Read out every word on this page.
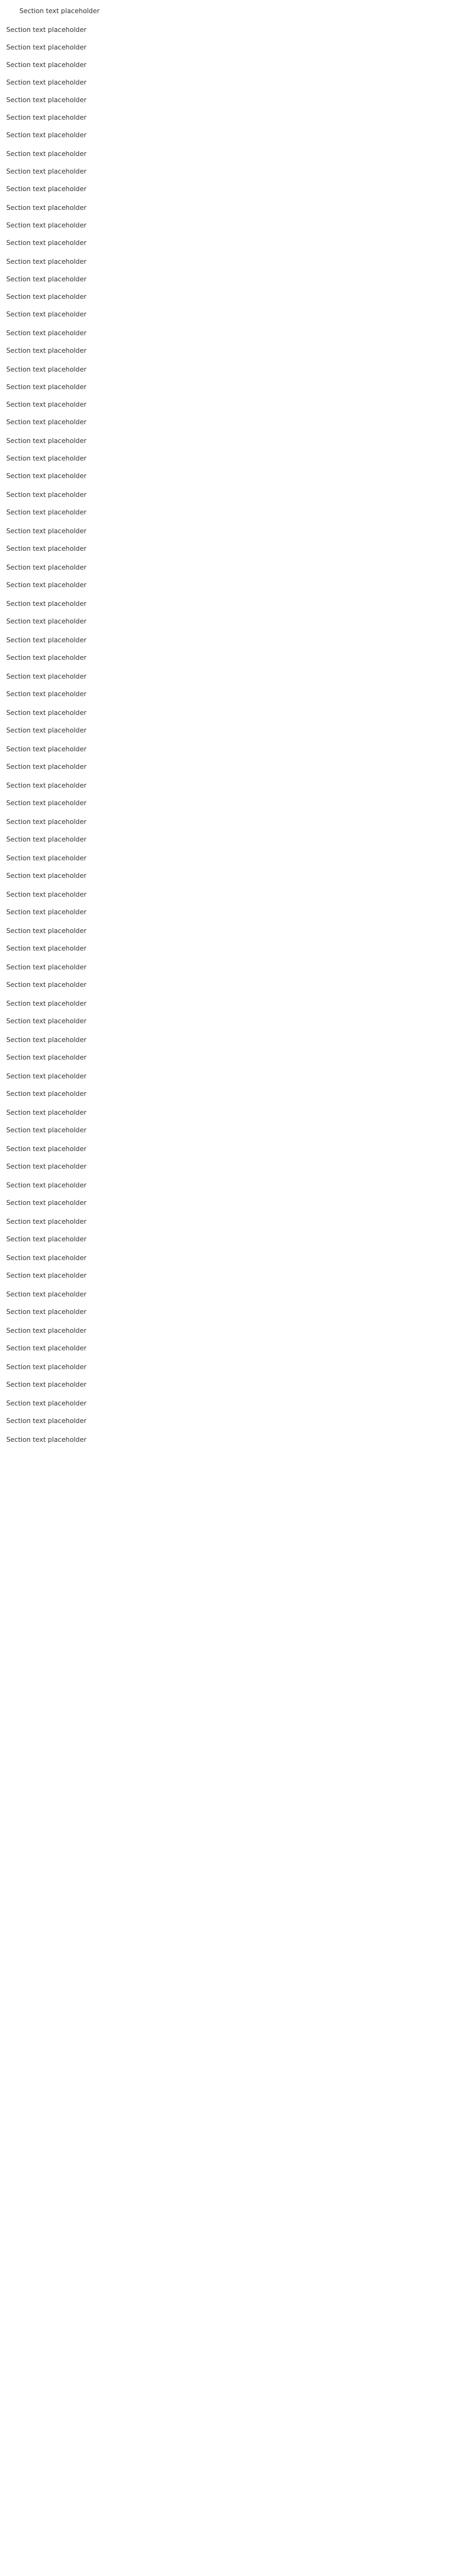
Section text placeholder

Section text placeholder

Section text placeholder

Section text placeholder

Section text placeholder

Section text placeholder

Section text placeholder

Section text placeholder

Section text placeholder

Section text placeholder

Section text placeholder

Section text placeholder

Section text placeholder

Section text placeholder

Section text placeholder

Section text placeholder

Section text placeholder

Section text placeholder

Section text placeholder

Section text placeholder

Section text placeholder

Section text placeholder

Section text placeholder

Section text placeholder

Section text placeholder

Section text placeholder

Section text placeholder

Section text placeholder

Section text placeholder

Section text placeholder

Section text placeholder

Section text placeholder

Section text placeholder

Section text placeholder

Section text placeholder

Section text placeholder

Section text placeholder

Section text placeholder

Section text placeholder

Section text placeholder

Section text placeholder

Section text placeholder

Section text placeholder

Section text placeholder

Section text placeholder

Section text placeholder

Section text placeholder

Section text placeholder

Section text placeholder

Section text placeholder

Section text placeholder

Section text placeholder

Section text placeholder

Section text placeholder

Section text placeholder

Section text placeholder

Section text placeholder

Section text placeholder

Section text placeholder

Section text placeholder

Section text placeholder

Section text placeholder

Section text placeholder

Section text placeholder

Section text placeholder

Section text placeholder

Section text placeholder

Section text placeholder

Section text placeholder

Section text placeholder

Section text placeholder

Section text placeholder

Section text placeholder

Section text placeholder

Section text placeholder

Section text placeholder

Section text placeholder

Section text placeholder

Section text placeholder

Section text placeholder
